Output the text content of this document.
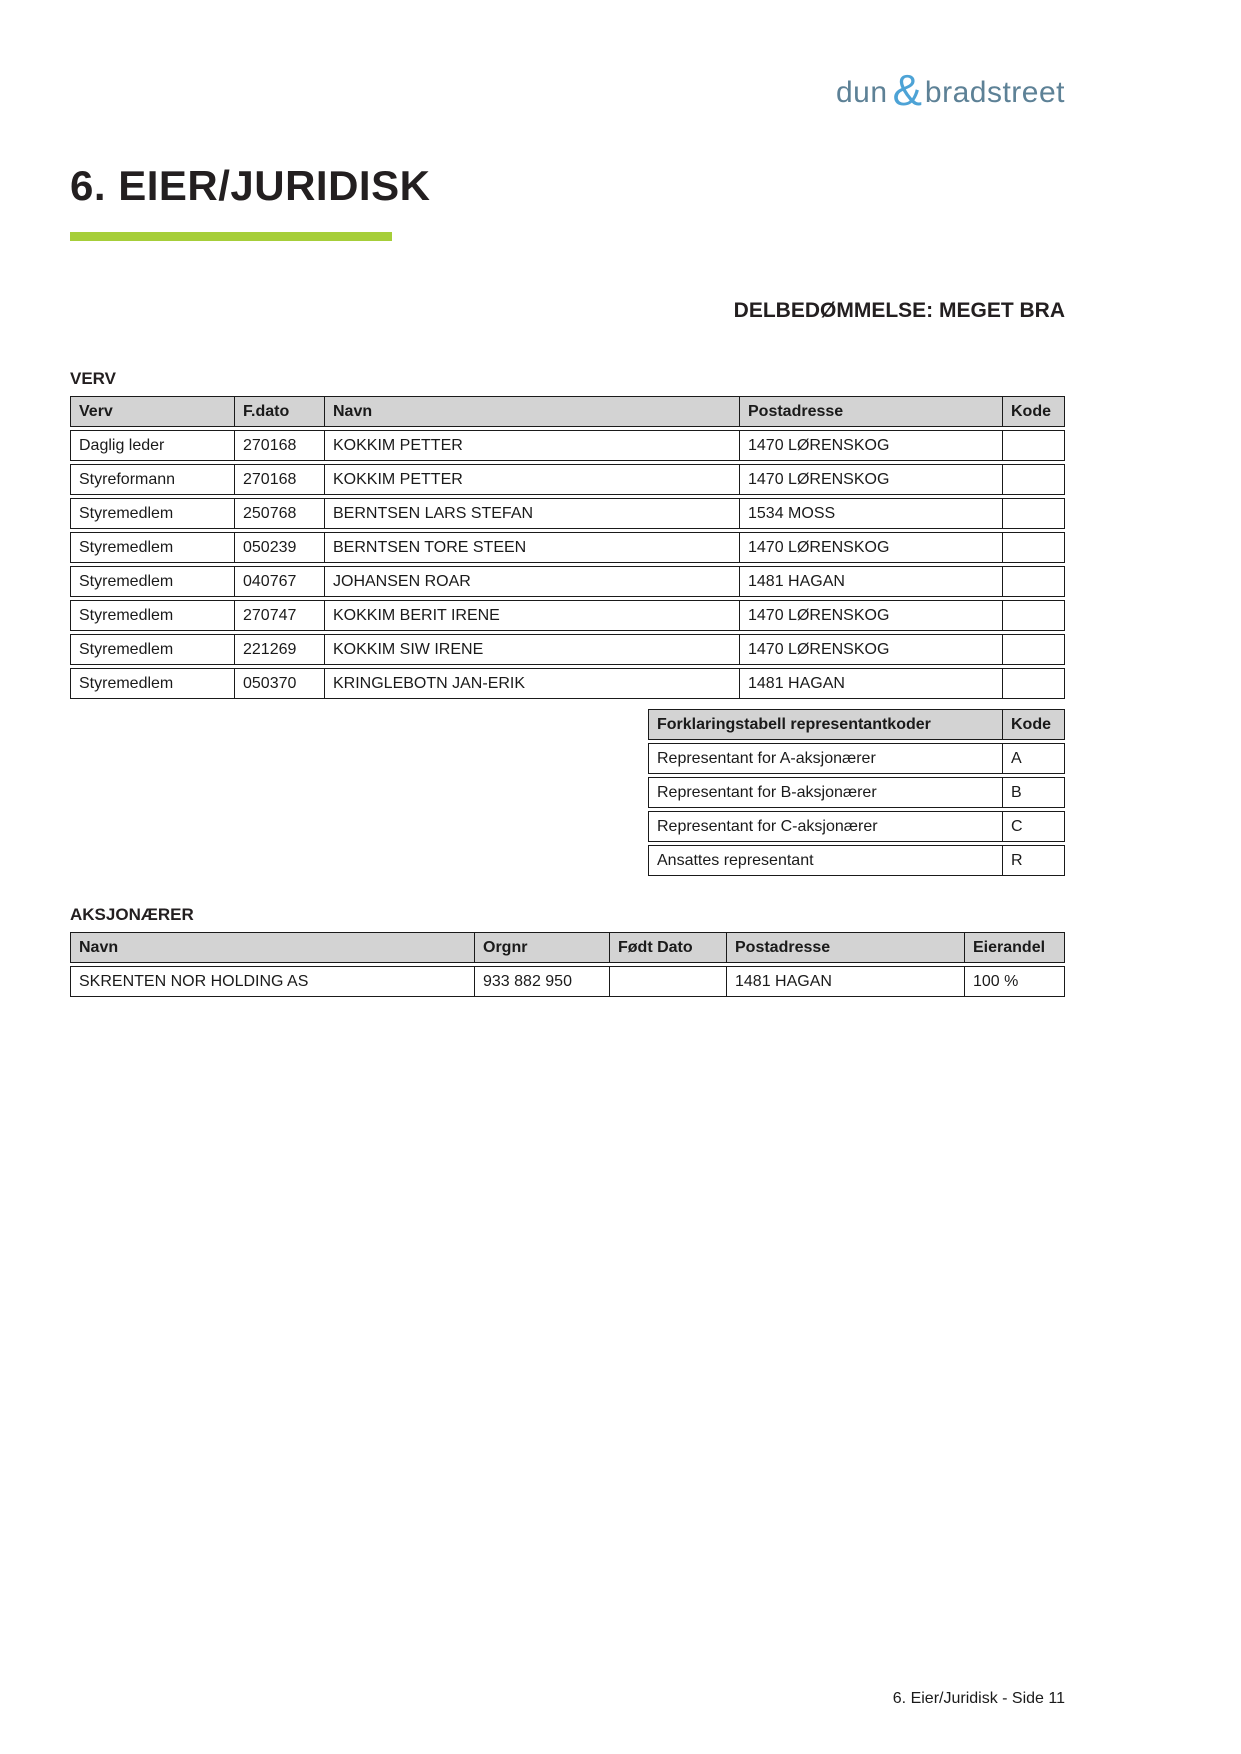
dun & bradstreet
6. EIER/JURIDISK
DELBEDØMMELSE: MEGET BRA
VERV
Verv	F.dato	Navn	Postadresse	Kode
Daglig leder	270168	KOKKIM PETTER	1470 LØRENSKOG	
Styreformann	270168	KOKKIM PETTER	1470 LØRENSKOG	
Styremedlem	250768	BERNTSEN LARS STEFAN	1534 MOSS	
Styremedlem	050239	BERNTSEN TORE STEEN	1470 LØRENSKOG	
Styremedlem	040767	JOHANSEN ROAR	1481 HAGAN	
Styremedlem	270747	KOKKIM BERIT IRENE	1470 LØRENSKOG	
Styremedlem	221269	KOKKIM SIW IRENE	1470 LØRENSKOG	
Styremedlem	050370	KRINGLEBOTN JAN-ERIK	1481 HAGAN	
Forklaringstabell representantkoder	Kode
Representant for A-aksjonærer	A
Representant for B-aksjonærer	B
Representant for C-aksjonærer	C
Ansattes representant	R
AKSJONÆRER
Navn	Orgnr	Født Dato	Postadresse	Eierandel
SKRENTEN NOR HOLDING AS	933 882 950		1481 HAGAN	100 %
6. Eier/Juridisk - Side 11
